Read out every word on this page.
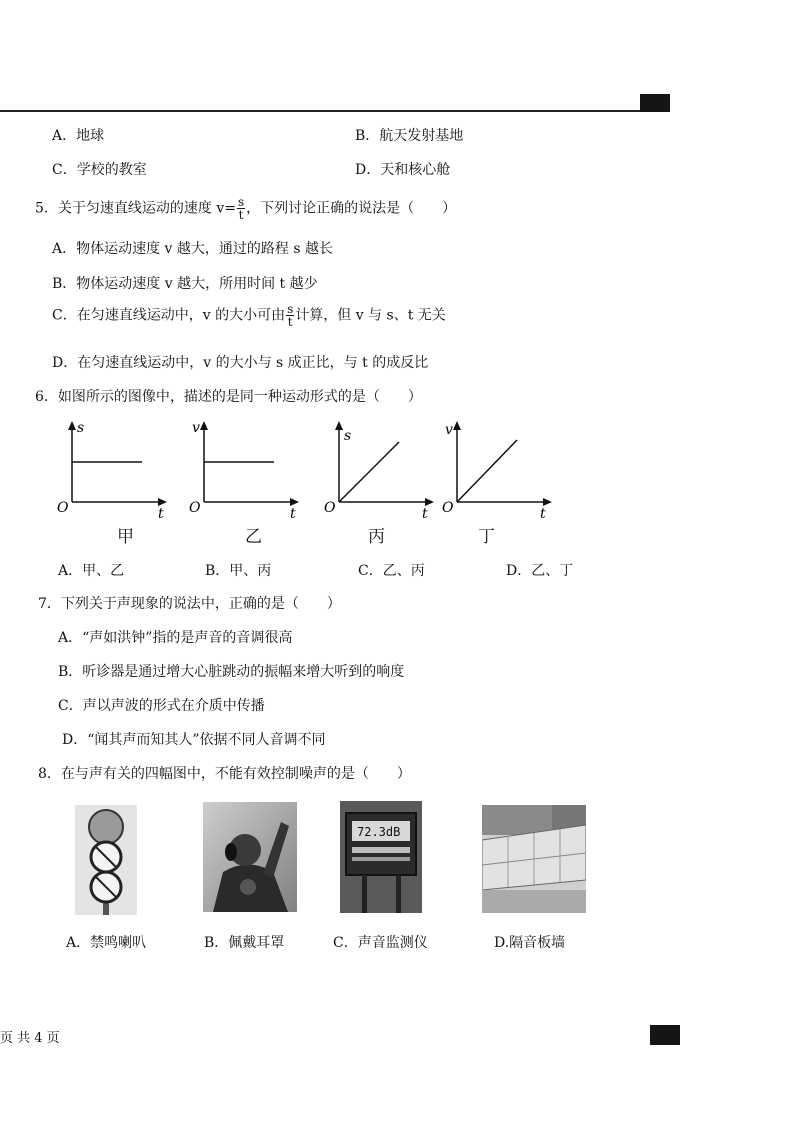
A．地球	B．航天发射基地
C．学校的教室	D．天和核心舱
5．关于匀速直线运动的速度 $v= \frac{s}{t}$ ，下列讨论正确的说法是（　　）
A．物体运动速度 v 越大，通过的路程 s 越长
B．物体运动速度 v 越大，所用时间 t 越少
C．在匀速直线运动中，v 的大小可由 $\frac{s}{t}$ 计算，但 v 与 s、t 无关
D．在匀速直线运动中，v 的大小与 s 成正比，与 t 的成反比
6．如图所示的图像中，描述的是同一种运动形式的是（　　）
s
t
O
甲
v
t
O
乙
s
t
O
丙
v
t
O
丁
A．甲、乙	B．甲、丙	C．乙、丙	D．乙、丁
7．下列关于声现象的说法中，正确的是（　　）
A．“声如洪钟”指的是声音的音调很高
B．听诊器是通过增大心脏跳动的振幅来增大听到的响度
C．声以声波的形式在介质中传播
D．“闻其声而知其人”依据不同人音调不同
8．在与声有关的四幅图中，不能有效控制噪声的是（　　）
72.3dB
A．禁鸣喇叭	B．佩戴耳罩	C．声音监测仪	D.隔音板墙
页 共 4 页
